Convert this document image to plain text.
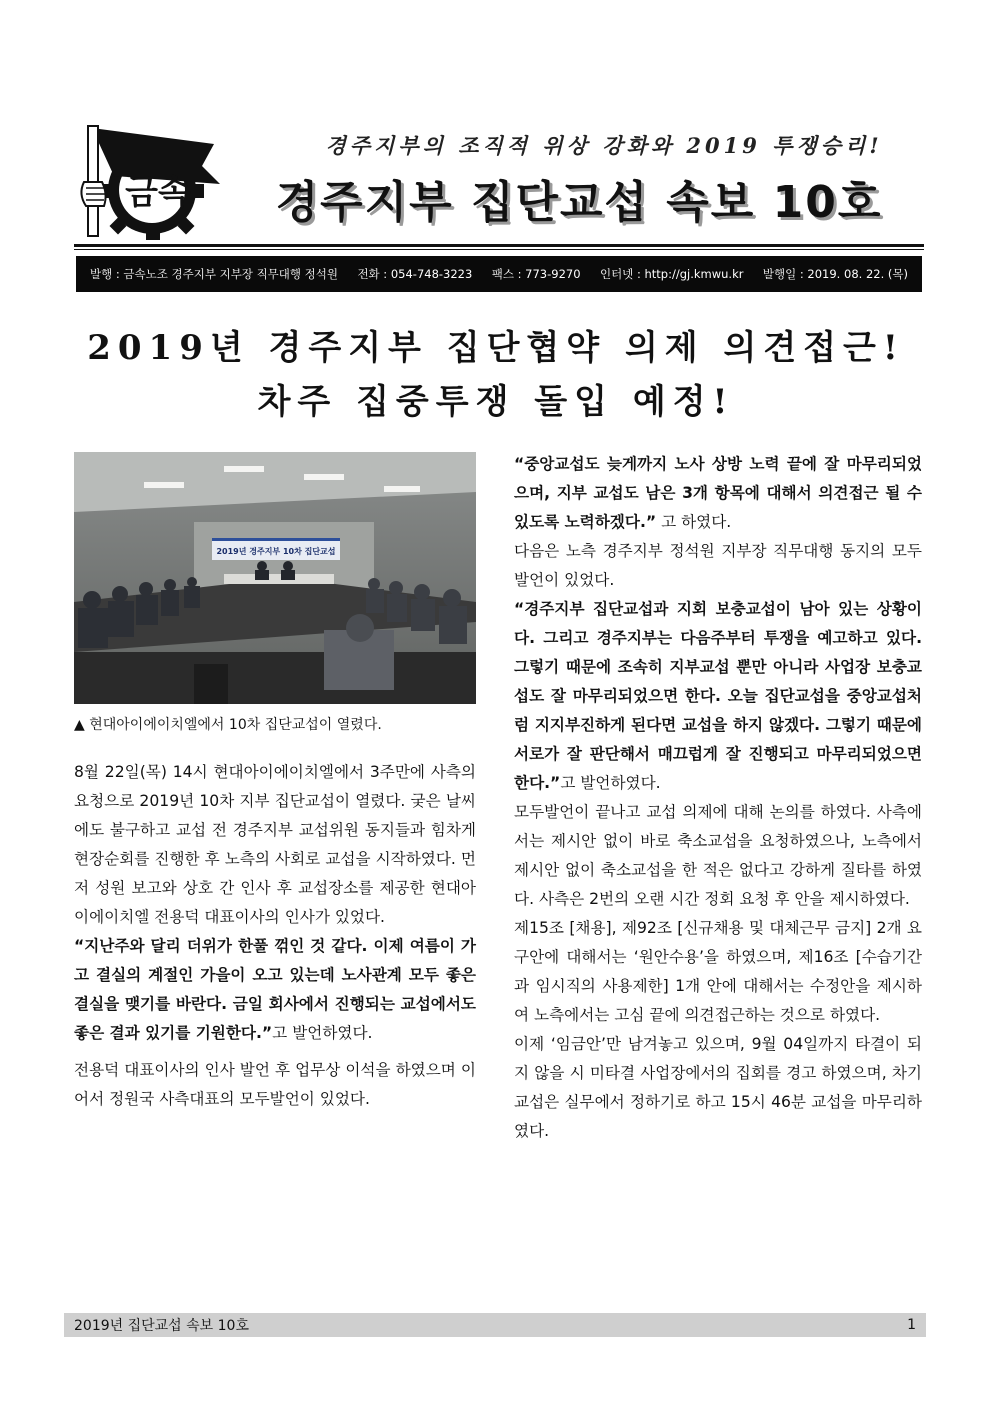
금속
경주지부의 조직적 위상 강화와 2019 투쟁승리!
경주지부 집단교섭 속보 10호
발행 : 금속노조 경주지부 지부장 직무대행 정석원 전화 : 054-748-3223 팩스 : 773-9270 인터넷 : http://gj.kmwu.kr 발행일 : 2019. 08. 22. (목)
2019년 경주지부 집단협약 의제 의견접근!
차주 집중투쟁 돌입 예정!
2019년 경주지부 10차 집단교섭
▲ 현대아이에이치엘에서 10차 집단교섭이 열렸다.

8월 22일(목) 14시 현대아이에이치엘에서 3주만에 사측의 요청으로 2019년 10차 지부 집단교섭이 열렸다. 궂은 날씨에도 불구하고 교섭 전 경주지부 교섭위원 동지들과 힘차게 현장순회를 진행한 후 노측의 사회로 교섭을 시작하였다. 먼저 성원 보고와 상호 간 인사 후 교섭장소를 제공한 현대아이에이치엘 전용덕 대표이사의 인사가 있었다.

“지난주와 달리 더위가 한풀 꺾인 것 같다. 이제 여름이 가고 결실의 계절인 가을이 오고 있는데 노사관계 모두 좋은 결실을 맺기를 바란다. 금일 회사에서 진행되는 교섭에서도 좋은 결과 있기를 기원한다.”고 발언하였다.

전용덕 대표이사의 인사 발언 후 업무상 이석을 하였으며 이어서 정원국 사측대표의 모두발언이 있었다.

“중앙교섭도 늦게까지 노사 상방 노력 끝에 잘 마무리되었으며, 지부 교섭도 남은 3개 항목에 대해서 의견접근 될 수 있도록 노력하겠다.” 고 하였다.

다음은 노측 경주지부 정석원 지부장 직무대행 동지의 모두발언이 있었다.

“경주지부 집단교섭과 지회 보충교섭이 남아 있는 상황이다. 그리고 경주지부는 다음주부터 투쟁을 예고하고 있다. 그렇기 때문에 조속히 지부교섭 뿐만 아니라 사업장 보충교섭도 잘 마무리되었으면 한다. 오늘 집단교섭을 중앙교섭처럼 지지부진하게 된다면 교섭을 하지 않겠다. 그렇기 때문에 서로가 잘 판단해서 매끄럽게 잘 진행되고 마무리되었으면 한다.”고 발언하였다.

모두발언이 끝나고 교섭 의제에 대해 논의를 하였다. 사측에서는 제시안 없이 바로 축소교섭을 요청하였으나, 노측에서 제시안 없이 축소교섭을 한 적은 없다고 강하게 질타를 하였다. 사측은 2번의 오랜 시간 정회 요청 후 안을 제시하였다.

제15조 [채용], 제92조 [신규채용 및 대체근무 금지] 2개 요구안에 대해서는 ‘원안수용’을 하였으며, 제16조 [수습기간과 임시직의 사용제한] 1개 안에 대해서는 수정안을 제시하여 노측에서는 고심 끝에 의견접근하는 것으로 하였다.

이제 ‘임금안’만 남겨놓고 있으며, 9월 04일까지 타결이 되지 않을 시 미타결 사업장에서의 집회를 경고 하였으며, 차기 교섭은 실무에서 정하기로 하고 15시 46분 교섭을 마무리하였다.

2019년 집단교섭 속보 10호	1
